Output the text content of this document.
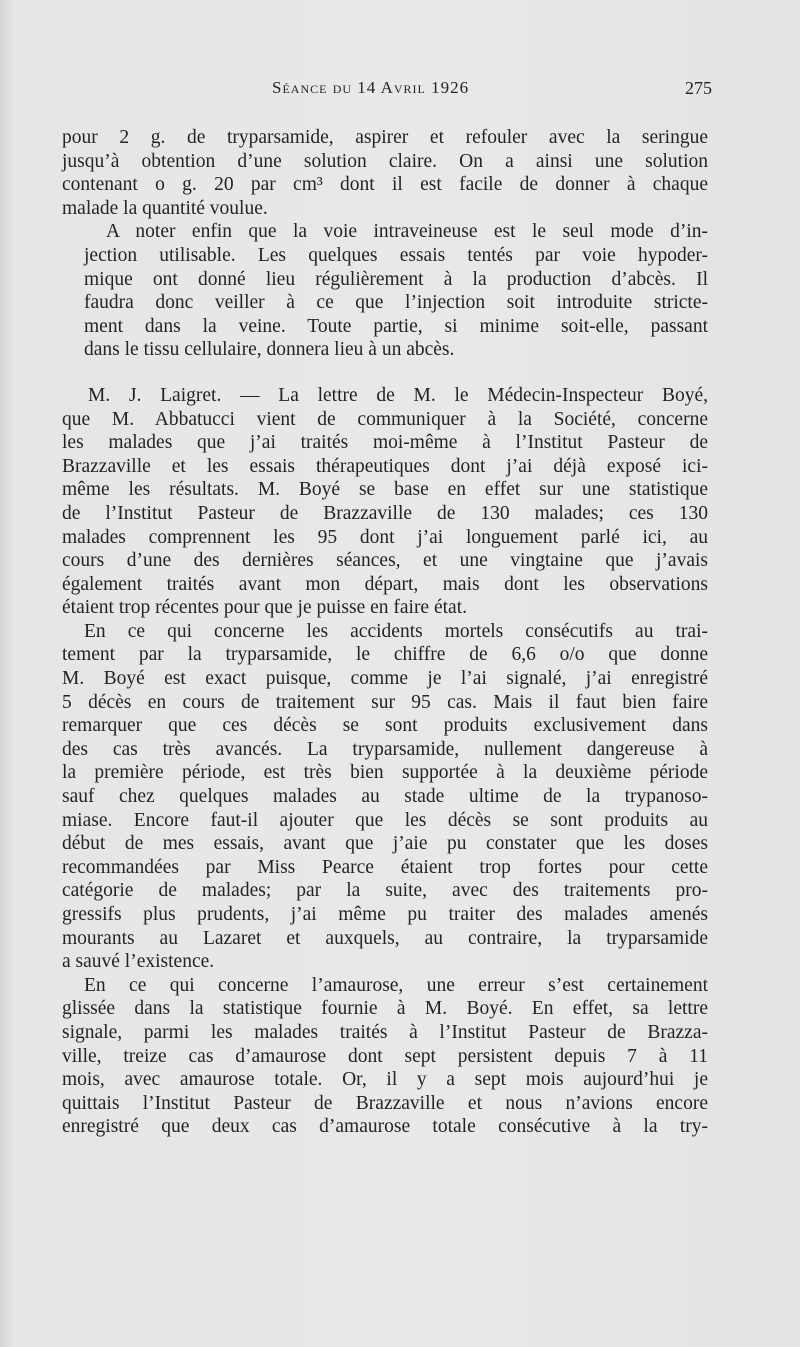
Séance du 14 Avril 1926	275

pour 2 g. de tryparsamide, aspirer et refouler avec la seringue
jusqu’à obtention d’une solution claire. On a ainsi une solution
contenant o g. 20 par cm³ dont il est facile de donner à chaque
malade la quantité voulue.

A noter enfin que la voie intraveineuse est le seul mode d’in-
jection utilisable. Les quelques essais tentés par voie hypoder-
mique ont donné lieu régulièrement à la production d’abcès. Il
faudra donc veiller à ce que l’injection soit introduite stricte-
ment dans la veine. Toute partie, si minime soit-elle, passant
dans le tissu cellulaire, donnera lieu à un abcès.

M. J. Laigret. — La lettre de M. le Médecin-Inspecteur Boyé,
que M. Abbatucci vient de communiquer à la Société, concerne
les malades que j’ai traités moi-même à l’Institut Pasteur de
Brazzaville et les essais thérapeutiques dont j’ai déjà exposé ici-
même les résultats. M. Boyé se base en effet sur une statistique
de l’Institut Pasteur de Brazzaville de 130 malades; ces 130
malades comprennent les 95 dont j’ai longuement parlé ici, au
cours d’une des dernières séances, et une vingtaine que j’avais
également traités avant mon départ, mais dont les observations
étaient trop récentes pour que je puisse en faire état.

En ce qui concerne les accidents mortels consécutifs au trai-
tement par la tryparsamide, le chiffre de 6,6 o/o que donne
M. Boyé est exact puisque, comme je l’ai signalé, j’ai enregistré
5 décès en cours de traitement sur 95 cas. Mais il faut bien faire
remarquer que ces décès se sont produits exclusivement dans
des cas très avancés. La tryparsamide, nullement dangereuse à
la première période, est très bien supportée à la deuxième période
sauf chez quelques malades au stade ultime de la trypanoso-
miase. Encore faut-il ajouter que les décès se sont produits au
début de mes essais, avant que j’aie pu constater que les doses
recommandées par Miss Pearce étaient trop fortes pour cette
catégorie de malades; par la suite, avec des traitements pro-
gressifs plus prudents, j’ai même pu traiter des malades amenés
mourants au Lazaret et auxquels, au contraire, la tryparsamide
a sauvé l’existence.

En ce qui concerne l’amaurose, une erreur s’est certainement
glissée dans la statistique fournie à M. Boyé. En effet, sa lettre
signale, parmi les malades traités à l’Institut Pasteur de Brazza-
ville, treize cas d’amaurose dont sept persistent depuis 7 à 11
mois, avec amaurose totale. Or, il y a sept mois aujourd’hui je
quittais l’Institut Pasteur de Brazzaville et nous n’avions encore
enregistré que deux cas d’amaurose totale consécutive à la try-
